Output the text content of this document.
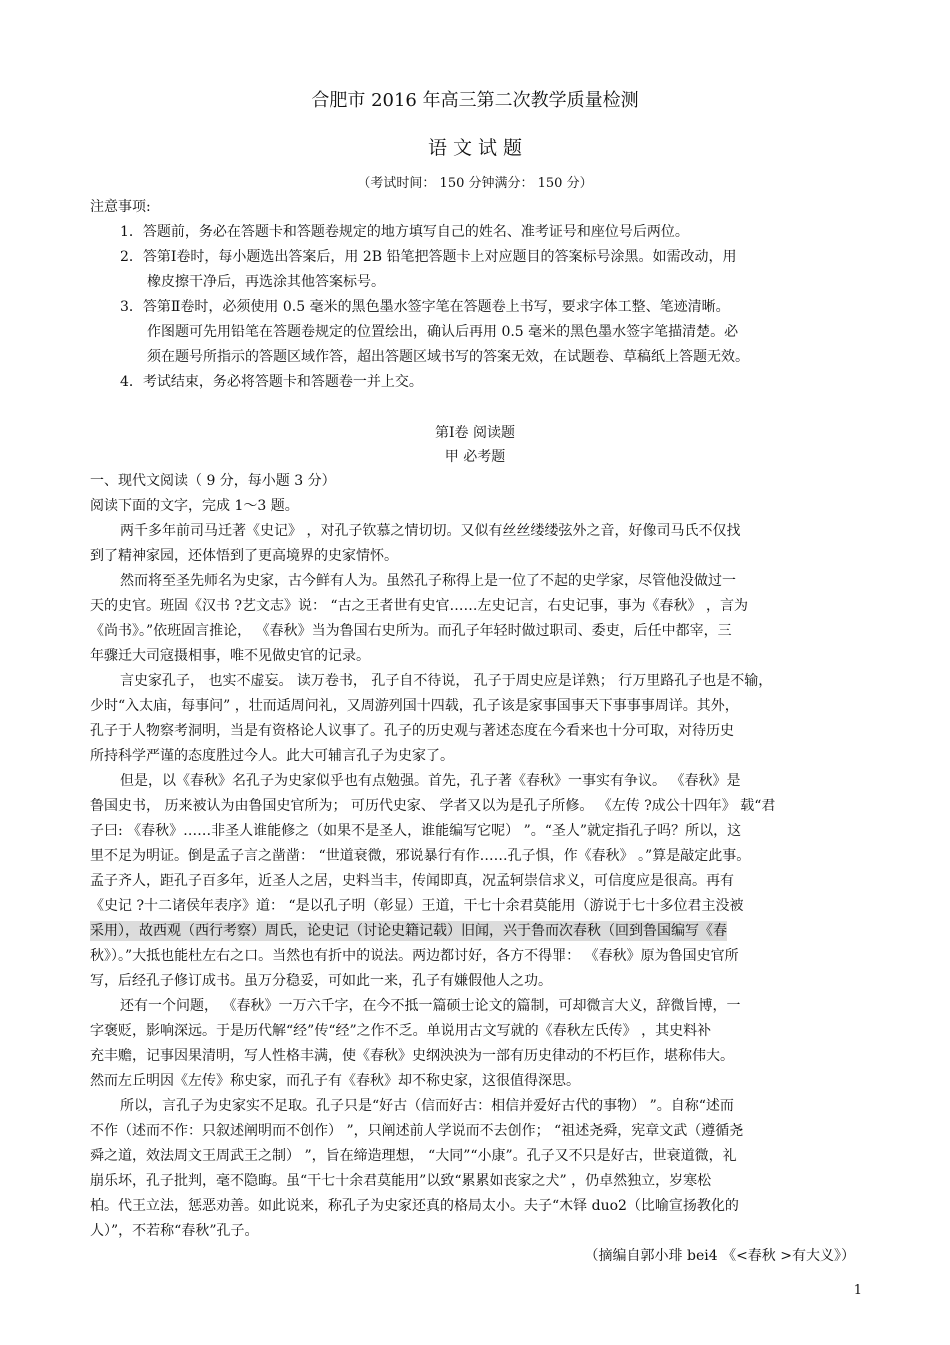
合肥市 2016 年高三第二次教学质量检测
语 文 试 题
（考试时间： 150 分钟满分： 150 分）
注意事项:
1．答题前，务必在答题卡和答题卷规定的地方填写自己的姓名、准考证号和座位号后两位。
2．答第Ⅰ卷时，每小题选出答案后，用 2B 铅笔把答题卡上对应题目的答案标号涂黑。如需改动，用
橡皮擦干净后，再选涂其他答案标号。
3．答第Ⅱ卷时，必须使用 0.5 毫米的黑色墨水签字笔在答题卷上书写，要求字体工整、笔迹清晰。
作图题可先用铅笔在答题卷规定的位置绘出，确认后再用 0.5 毫米的黑色墨水签字笔描清楚。必
须在题号所指示的答题区域作答，超出答题区域书写的答案无效，在试题卷、草稿纸上答题无效。
4．考试结束，务必将答题卡和答题卷一并上交。
第Ⅰ卷 阅读题
甲 必考题
一、现代文阅读（ 9 分，每小题 3 分）
阅读下面的文字，完成 1～3 题。
两千多年前司马迁著《史记》 ，对孔子钦慕之情切切。又似有丝丝缕缕弦外之音，好像司马氏不仅找
到了精神家园，还体悟到了更高境界的史家情怀。
然而将至圣先师名为史家，古今鲜有人为。虽然孔子称得上是一位了不起的史学家，尽管他没做过一
天的史官。班固《汉书 ?艺文志》说： “古之王者世有史官……左史记言，右史记事，事为《春秋》 ，言为
《尚书》。”依班固言推论， 《春秋》当为鲁国右史所为。而孔子年轻时做过职司、委吏，后任中都宰，三
年骤迁大司寇摄相事，唯不见做史官的记录。
言史家孔子， 也实不虚妄。 读万卷书， 孔子自不待说， 孔子于周史应是详熟； 行万里路孔子也是不输，
少时“入太庙，每事问” ，壮而适周问礼，又周游列国十四载，孔子该是家事国事天下事事事周详。其外，
孔子于人物察考洞明，当是有资格论人议事了。孔子的历史观与著述态度在今看来也十分可取，对待历史
所持科学严谨的态度胜过今人。此大可辅言孔子为史家了。
但是，以《春秋》名孔子为史家似乎也有点勉强。首先，孔子著《春秋》一事实有争议。 《春秋》是
鲁国史书， 历来被认为由鲁国史官所为； 可历代史家、 学者又以为是孔子所修。 《左传 ?成公十四年》 载“君
子曰: 《春秋》……非圣人谁能修之（如果不是圣人，谁能编写它呢） ”。“圣人”就定指孔子吗？所以，这
里不足为明证。倒是孟子言之凿凿： “世道衰微，邪说暴行有作……孔子惧，作《春秋》 。”算是敲定此事。
孟子齐人，距孔子百多年，近圣人之居，史料当丰，传闻即真，况孟轲崇信求义，可信度应是很高。再有
《史记 ?十二诸侯年表序》道： “是以孔子明（彰显）王道，干七十余君莫能用（游说于七十多位君主没被
采用），故西观（西行考察）周氏，论史记（讨论史籍记载）旧闻，兴于鲁而次春秋（回到鲁国编写《春
秋》）。”大抵也能杜左右之口。当然也有折中的说法。两边都讨好，各方不得罪： 《春秋》原为鲁国史官所
写，后经孔子修订成书。虽万分稳妥，可如此一来，孔子有嫌假他人之功。
还有一个问题， 《春秋》一万六千字，在今不抵一篇硕士论文的篇制，可却微言大义，辞微旨博，一
字褒贬，影响深远。于是历代解“经”传“经”之作不乏。单说用古文写就的《春秋左氏传》 ，其史料补
充丰赡，记事因果清明，写人性格丰满，使《春秋》史纲泱泱为一部有历史律动的不朽巨作，堪称伟大。
然而左丘明因《左传》称史家，而孔子有《春秋》却不称史家，这很值得深思。
所以，言孔子为史家实不足取。孔子只是“好古（信而好古：相信并爱好古代的事物） ”。自称“述而
不作（述而不作：只叙述阐明而不创作） ”，只阐述前人学说而不去创作； “祖述尧舜，宪章文武（遵循尧
舜之道，效法周文王周武王之制） ”，旨在缔造理想， “大同”“小康”。孔子又不只是好古，世衰道微，礼
崩乐坏，孔子批判，毫不隐晦。虽“干七十余君莫能用”以致“累累如丧家之犬” ，仍卓然独立，岁寒松
柏。代王立法，惩恶劝善。如此说来，称孔子为史家还真的格局太小。夫子“木铎 duo2（比喻宣扬教化的
人）”，不若称“春秋”孔子。
（摘编自郭小琲 bei4 《<春秋 >有大义》）
1
